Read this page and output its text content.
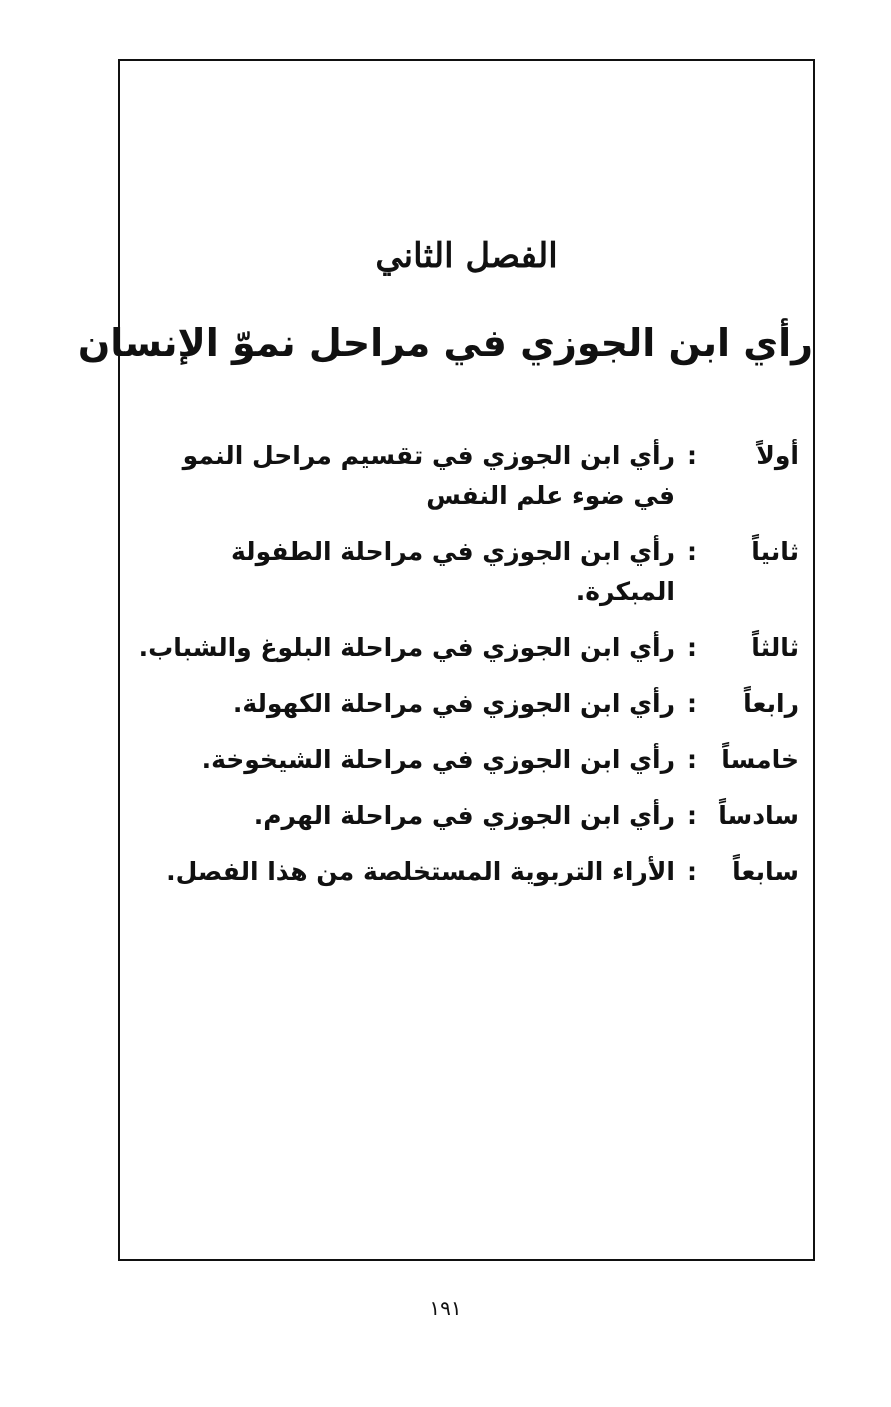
الفصل الثاني
رأي ابن الجوزي في مراحل نموّ الإنسان
أولاً
:
رأي ابن الجوزي في تقسيم مراحل النمو في ضوء علم النفس
ثانياً
:
رأي ابن الجوزي في مراحلة الطفولة المبكرة.
ثالثاً
:
رأي ابن الجوزي في مراحلة البلوغ والشباب.
رابعاً
:
رأي ابن الجوزي في مراحلة الكهولة.
خامساً
:
رأي ابن الجوزي في مراحلة الشيخوخة.
سادساً
:
رأي ابن الجوزي في مراحلة الهرم.
سابعاً
:
الأراء التربوية المستخلصة من هذا الفصل.
١٩١
